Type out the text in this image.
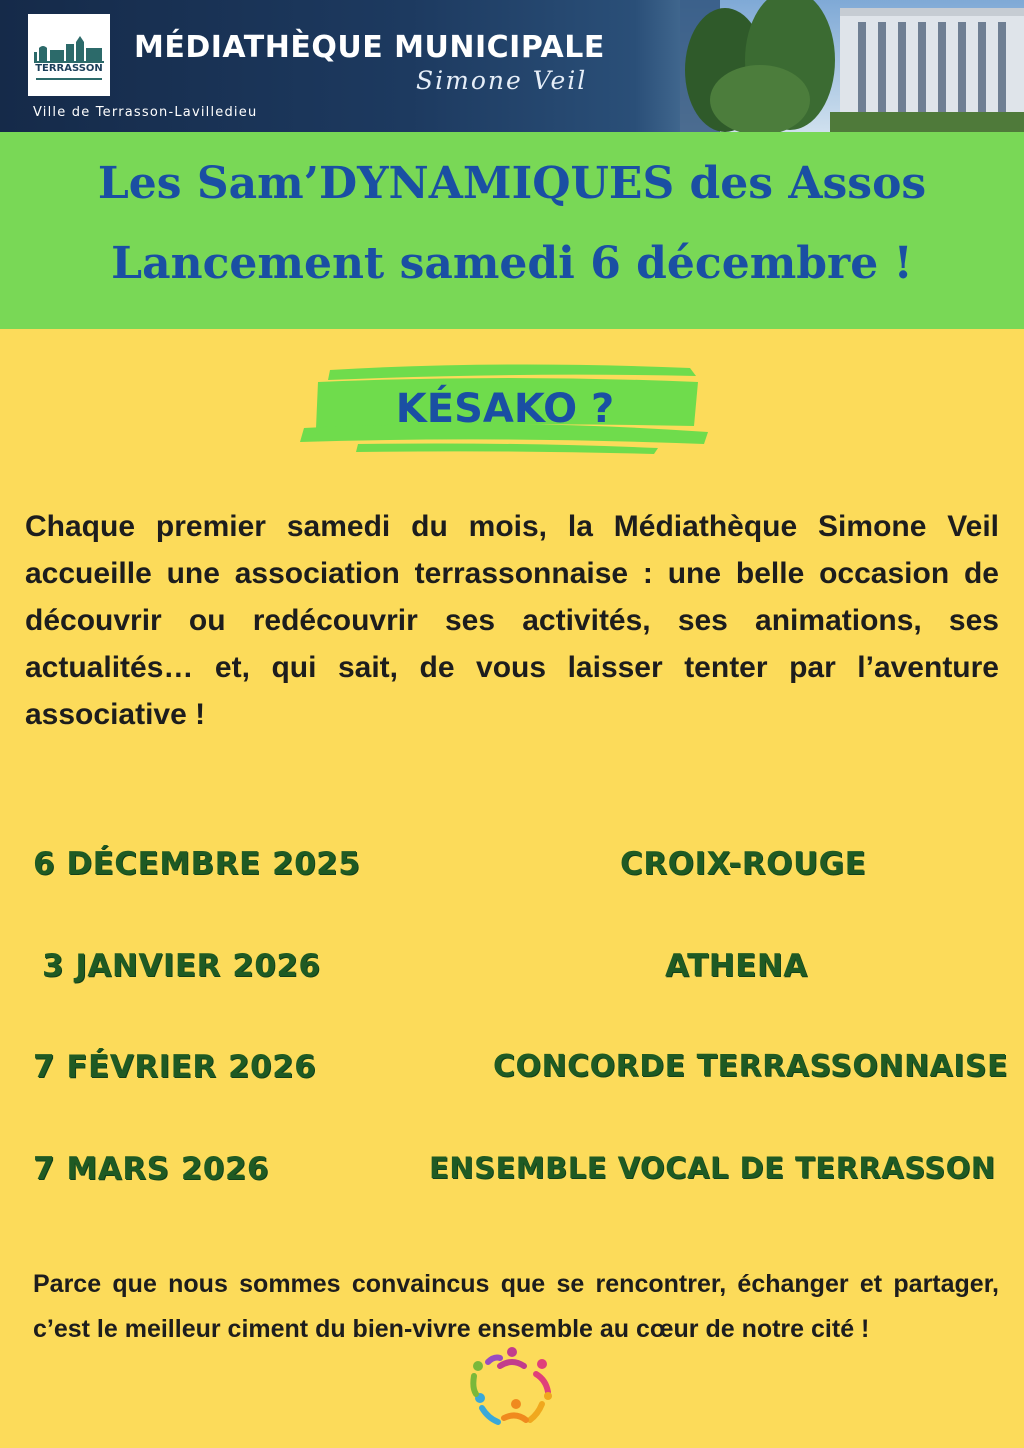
TERRASSON
MÉDIATHÈQUE MUNICIPALE
Simone Veil
Ville de Terrasson-Lavilledieu
Les Sam’DYNAMIQUES des Assos
Lancement samedi 6 décembre !
KÉSAKO ?
Chaque premier samedi du mois, la Médiathèque Simone Veil accueille une association terrassonnaise : une belle occasion de découvrir ou redécouvrir ses activités, ses animations, ses actualités… et, qui sait, de vous laisser tenter par l’aventure associative !
6 DÉCEMBRE 2025	CROIX-ROUGE
3 JANVIER 2026	ATHENA
7 FÉVRIER 2026	CONCORDE TERRASSONNAISE
7 MARS 2026	ENSEMBLE VOCAL DE TERRASSON
Parce que nous sommes convaincus que se rencontrer, échanger et partager, c’est le meilleur ciment du bien-vivre ensemble au cœur de notre cité !
